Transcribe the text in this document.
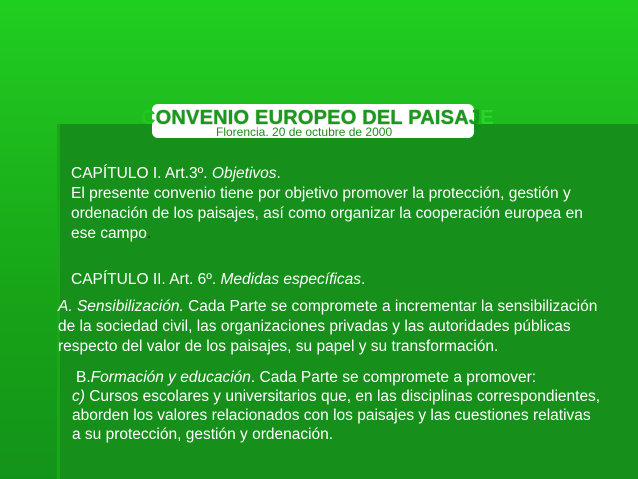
CONVENIO EUROPEO DEL PAISAJE
Florencia. 20 de octubre de 2000
CAPÍTULO I. Art.3º. Objetivos.
El presente convenio tiene por objetivo promover la protección, gestión y
ordenación de los paisajes, así como organizar la cooperación europea en
ese campo.
CAPÍTULO II. Art. 6º. Medidas específicas.
A. Sensibilización. Cada Parte se compromete a incrementar la sensibilización
de la sociedad civil, las organizaciones privadas y las autoridades públicas
respecto del valor de los paisajes, su papel y su transformación.
B.Formación y educación. Cada Parte se compromete a promover:
c) Cursos escolares y universitarios que, en las disciplinas correspondientes,
aborden los valores relacionados con los paisajes y las cuestiones relativas
a su protección, gestión y ordenación.
